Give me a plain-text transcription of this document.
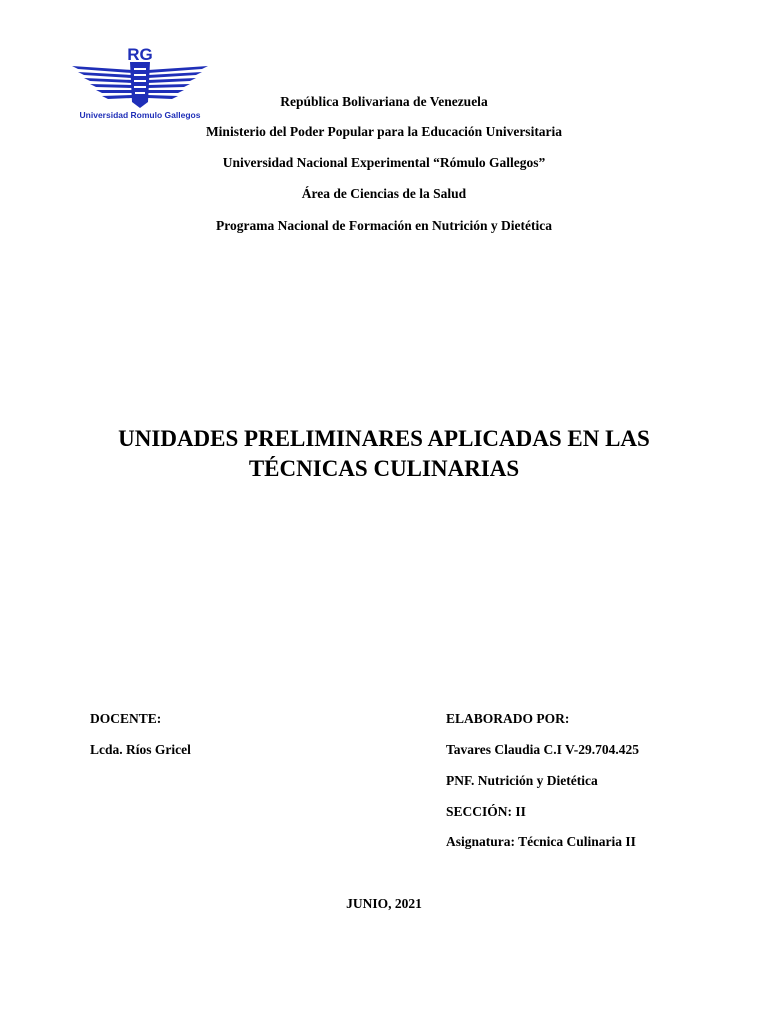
RG
Universidad Romulo Gallegos
República Bolivariana de Venezuela
Ministerio del Poder Popular para la Educación Universitaria
Universidad Nacional Experimental “Rómulo Gallegos”
Área de Ciencias de la Salud
Programa Nacional de Formación en Nutrición y Dietética
UNIDADES PRELIMINARES APLICADAS EN LAS
TÉCNICAS CULINARIAS
DOCENTE:
Lcda. Ríos Gricel
ELABORADO POR:
Tavares Claudia C.I V-29.704.425
PNF. Nutrición y Dietética
SECCIÓN: II
Asignatura: Técnica Culinaria II
JUNIO, 2021
